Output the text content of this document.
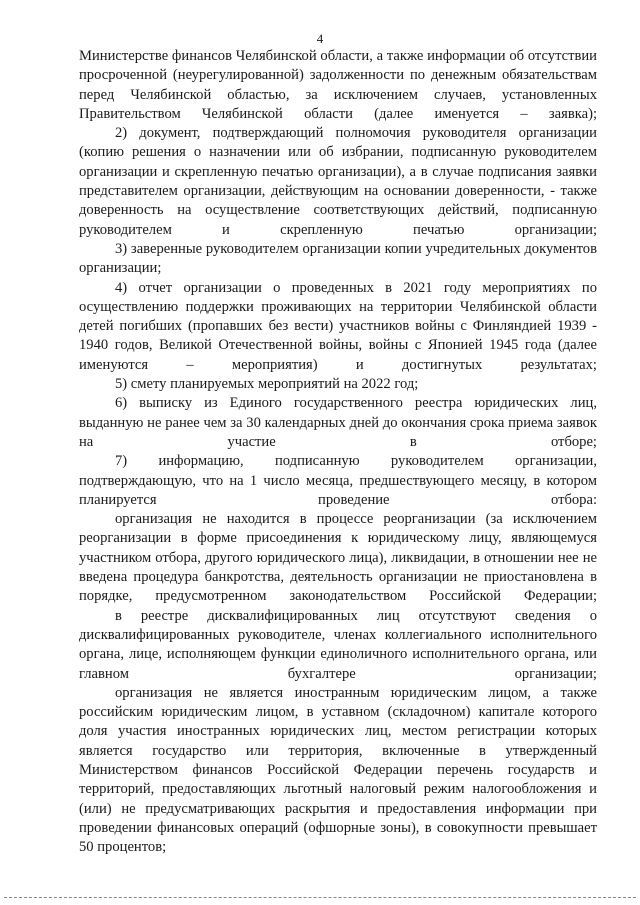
4

Министерстве финансов Челябинской области, а также информации об отсутствии просроченной (неурегулированной) задолженности по денежным обязательствам перед Челябинской областью, за исключением случаев, установленных Правительством Челябинской области (далее именуется – заявка);

2) документ, подтверждающий полномочия руководителя организации (копию решения о назначении или об избрании, подписанную руководителем организации и скрепленную печатью организации), а в случае подписания заявки представителем организации, действующим на основании доверенности, - также доверенность на осуществление соответствующих действий, подписанную руководителем и скрепленную печатью организации;

3) заверенные руководителем организации копии учредительных документов организации;

4) отчет организации о проведенных в 2021 году мероприятиях по осуществлению поддержки проживающих на территории Челябинской области детей погибших (пропавших без вести) участников войны с Финляндией 1939 - 1940 годов, Великой Отечественной войны, войны с Японией 1945 года (далее именуются – мероприятия) и достигнутых результатах;

5) смету планируемых мероприятий на 2022 год;

6) выписку из Единого государственного реестра юридических лиц, выданную не ранее чем за 30 календарных дней до окончания срока приема заявок на участие в отборе;

7) информацию, подписанную руководителем организации, подтверждающую, что на 1 число месяца, предшествующего месяцу, в котором планируется проведение отбора:

организация не находится в процессе реорганизации (за исключением реорганизации в форме присоединения к юридическому лицу, являющемуся участником отбора, другого юридического лица), ликвидации, в отношении нее не введена процедура банкротства, деятельность организации не приостановлена в порядке, предусмотренном законодательством Российской Федерации;

в реестре дисквалифицированных лиц отсутствуют сведения о дисквалифицированных руководителе, членах коллегиального исполнительного органа, лице, исполняющем функции единоличного исполнительного органа, или главном бухгалтере организации;

организация не является иностранным юридическим лицом, а также российским юридическим лицом, в уставном (складочном) капитале которого доля участия иностранных юридических лиц, местом регистрации которых является государство или территория, включенные в утвержденный Министерством финансов Российской Федерации перечень государств и территорий, предоставляющих льготный налоговый режим налогообложения и (или) не предусматривающих раскрытия и предоставления информации при проведении финансовых операций (офшорные зоны), в совокупности превышает 50 процентов;
